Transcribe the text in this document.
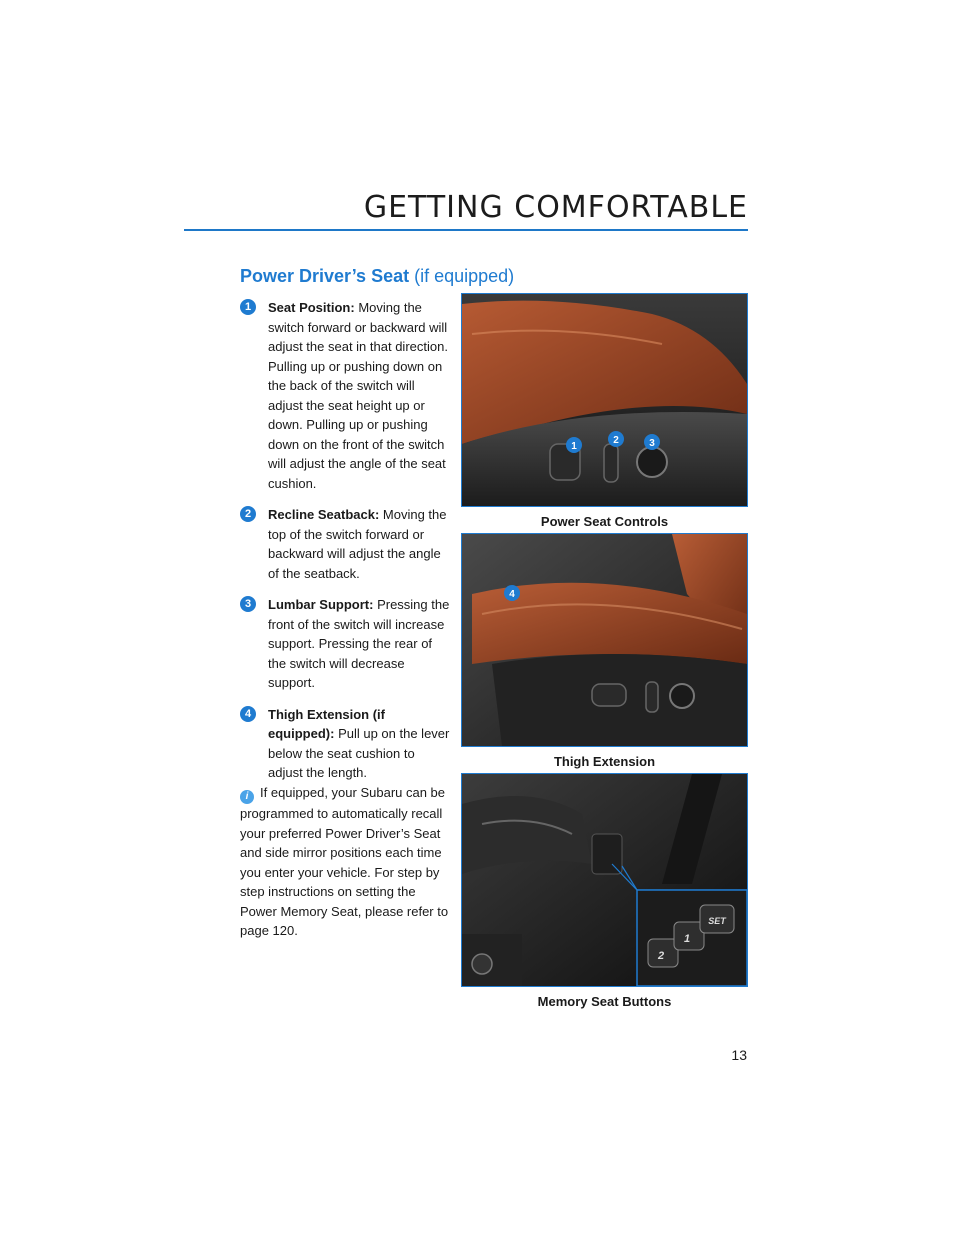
GETTING COMFORTABLE
Power Driver’s Seat (if equipped)
1	Seat Position: Moving the switch forward or backward will adjust the seat in that direction. Pulling up or pushing down on the back of the switch will adjust the seat height up or down. Pulling up or pushing down on the front of the switch will adjust the angle of the seat cushion.
2	Recline Seatback: Moving the top of the switch forward or backward will adjust the angle of the seatback.
3	Lumbar Support: Pressing the front of the switch will increase support. Pressing the rear of the switch will decrease support.
4	Thigh Extension (if equipped): Pull up on the lever below the seat cushion to adjust the length.
i If equipped, your Subaru can be programmed to automatically recall your preferred Power Driver’s Seat and side mirror positions each time you enter your vehicle. For step by step instructions on setting the Power Memory Seat, please refer to page 120.
1
2	3
Power Seat Controls
4
Thigh Extension
2
1
SET
Memory Seat Buttons
13
